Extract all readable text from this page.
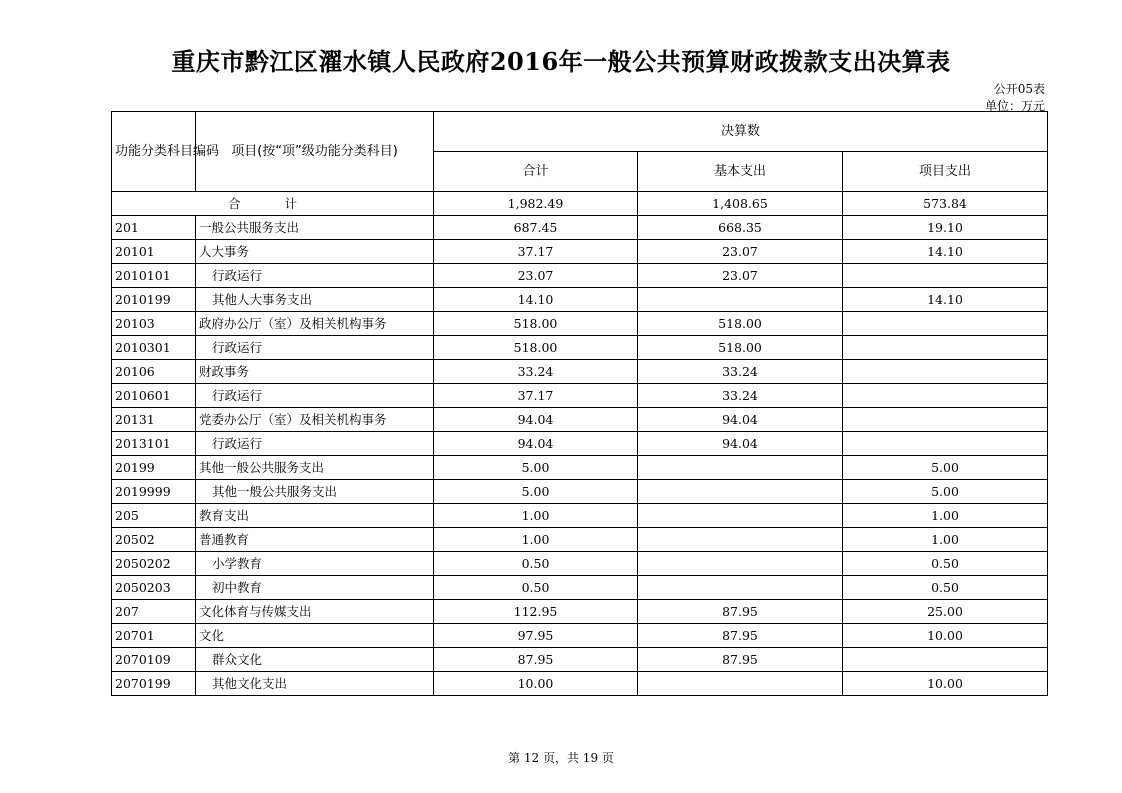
重庆市黔江区濯水镇人民政府2016年一般公共预算财政拨款支出决算表
公开05表
单位：万元
功能分类科目编码	项目(按“项”级功能分类科目)	决算数		
		合计	基本支出	项目支出
合 计		1,982.49	1,408.65	573.84
201	一般公共服务支出	687.45	668.35	19.10
20101	人大事务	37.17	23.07	14.10
2010101	行政运行	23.07	23.07	
2010199	其他人大事务支出	14.10		14.10
20103	政府办公厅（室）及相关机构事务	518.00	518.00	
2010301	行政运行	518.00	518.00	
20106	财政事务	33.24	33.24	
2010601	行政运行	37.17	33.24	
20131	党委办公厅（室）及相关机构事务	94.04	94.04	
2013101	行政运行	94.04	94.04	
20199	其他一般公共服务支出	5.00		5.00
2019999	其他一般公共服务支出	5.00		5.00
205	教育支出	1.00		1.00
20502	普通教育	1.00		1.00
2050202	小学教育	0.50		0.50
2050203	初中教育	0.50		0.50
207	文化体育与传媒支出	112.95	87.95	25.00
20701	文化	97.95	87.95	10.00
2070109	群众文化	87.95	87.95	
2070199	其他文化支出	10.00		10.00
第 12 页，共 19 页
